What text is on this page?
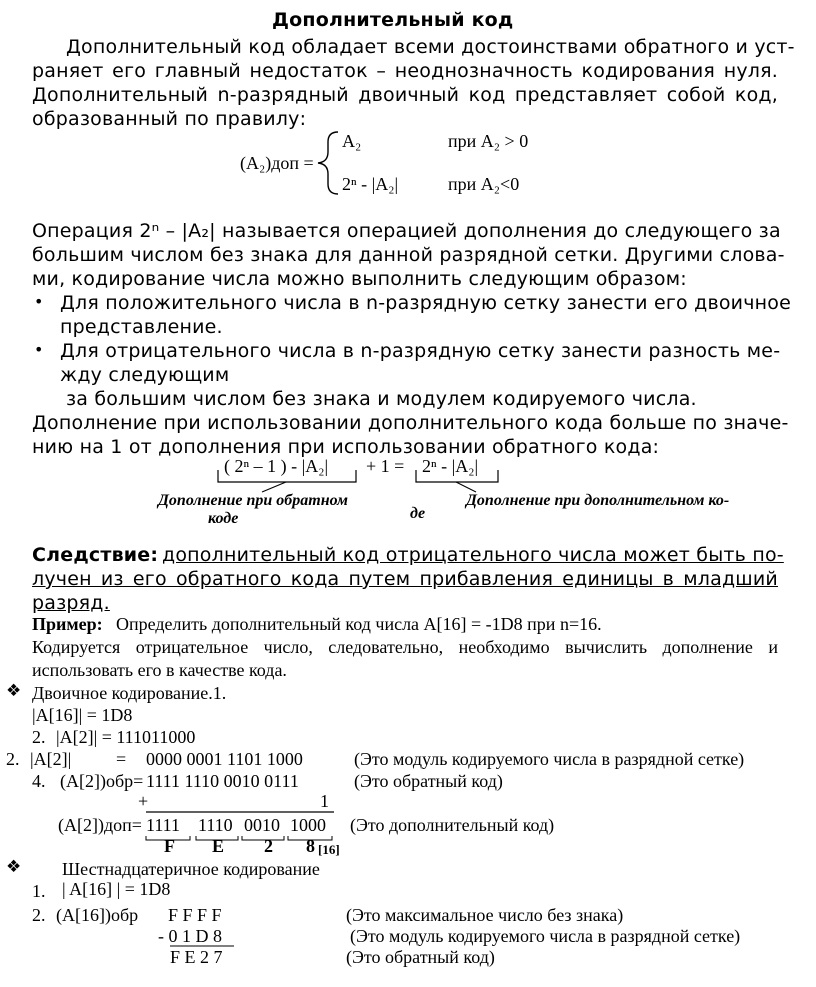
Дополнительный код
Дополнительный код обладает всеми достоинствами обратного и уст-
раняет его главный недостаток – неоднозначность кодирования нуля.
Дополнительный n-разрядный двоичный код представляет собой код,
образованный по правилу:
(A₂)доп =
A₂	при A₂ > 0
2ⁿ - |A₂|	при A₂<0
Операция 2ⁿ – |A₂| называется операцией дополнения до следующего за
большим числом без знака для данной разрядной сетки. Другими слова-
ми, кодирование числа можно выполнить следующим образом:
• Для положительного числа в n-разрядную сетку занести его двоичное
представление.
• Для отрицательного числа в n-разрядную сетку занести разность ме-
жду следующим
за большим числом без знака и модулем кодируемого числа.
Дополнение при использовании дополнительного кода больше по значе-
нию на 1 от дополнения при использовании обратного кода:
( 2ⁿ – 1 ) - |A₂| + 1 = 2ⁿ - |A₂|
Дополнение при обратном
коде
Дополнение при дополнительном ко-
де
Следствие: дополнительный код отрицательного числа может быть по-
лучен из его обратного кода путем прибавления единицы в младший
разряд.
Пример: Определить дополнительный код числа A[16] = -1D8 при n=16.
Кодируется отрицательное число, следовательно, необходимо вычислить дополнение и
использовать его в качестве кода.
❖ Двоичное кодирование.1.
|A[16]| = 1D8
2. |A[2]| = 111011000
2. |A[2]| = 0000 0001 1101 1000	(Это модуль кодируемого числа в разрядной сетке)
4. (A[2])обр= 1111 1110 0010 0111	(Это обратный код)
+	1
(A[2])доп= 1111 1110 0010 1000 (Это дополнительный код)
F E 2 8 [16]
❖ Шестнадцатеричное кодирование
1. | A[16] | = 1D8
2. (A[16])обр F F F F	(Это максимальное число без знака)
- 0 1 D 8	(Это модуль кодируемого числа в разрядной сетке)
F E 2 7	(Это обратный код)
